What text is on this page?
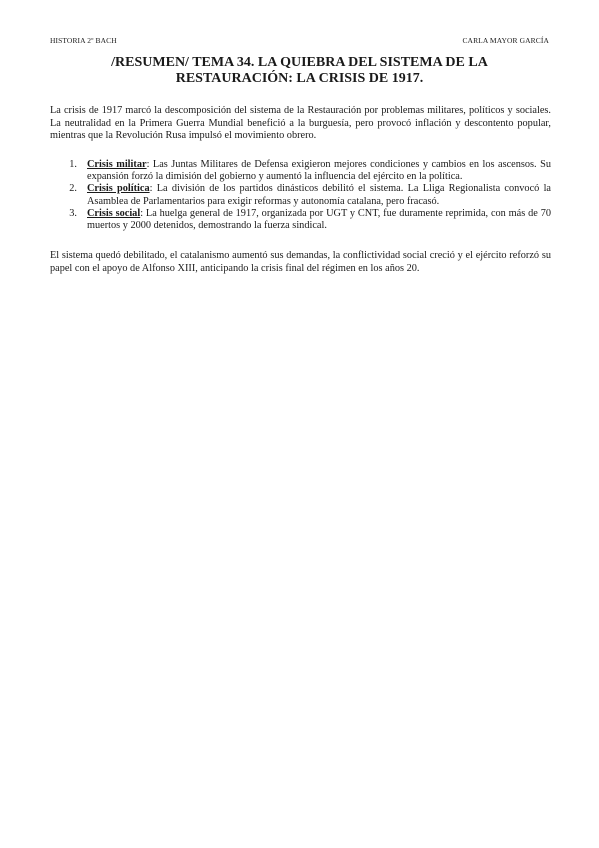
HISTORIA 2º BACH	CARLA MAYOR GARCÍA
/RESUMEN/ TEMA 34. LA QUIEBRA DEL SISTEMA DE LA
RESTAURACIÓN: LA CRISIS DE 1917.

La crisis de 1917 marcó la descomposición del sistema de la Restauración por problemas militares, políticos y sociales. La neutralidad en la Primera Guerra Mundial benefició a la burguesía, pero provocó inflación y descontento popular, mientras que la Revolución Rusa impulsó el movimiento obrero.

1. Crisis militar: Las Juntas Militares de Defensa exigieron mejores condiciones y cambios en los ascensos. Su expansión forzó la dimisión del gobierno y aumentó la influencia del ejército en la política.
2. Crisis política: La división de los partidos dinásticos debilitó el sistema. La Lliga Regionalista convocó la Asamblea de Parlamentarios para exigir reformas y autonomía catalana, pero fracasó.
3. Crisis social: La huelga general de 1917, organizada por UGT y CNT, fue duramente reprimida, con más de 70 muertos y 2000 detenidos, demostrando la fuerza sindical.

El sistema quedó debilitado, el catalanismo aumentó sus demandas, la conflictividad social creció y el ejército reforzó su papel con el apoyo de Alfonso XIII, anticipando la crisis final del régimen en los años 20.
